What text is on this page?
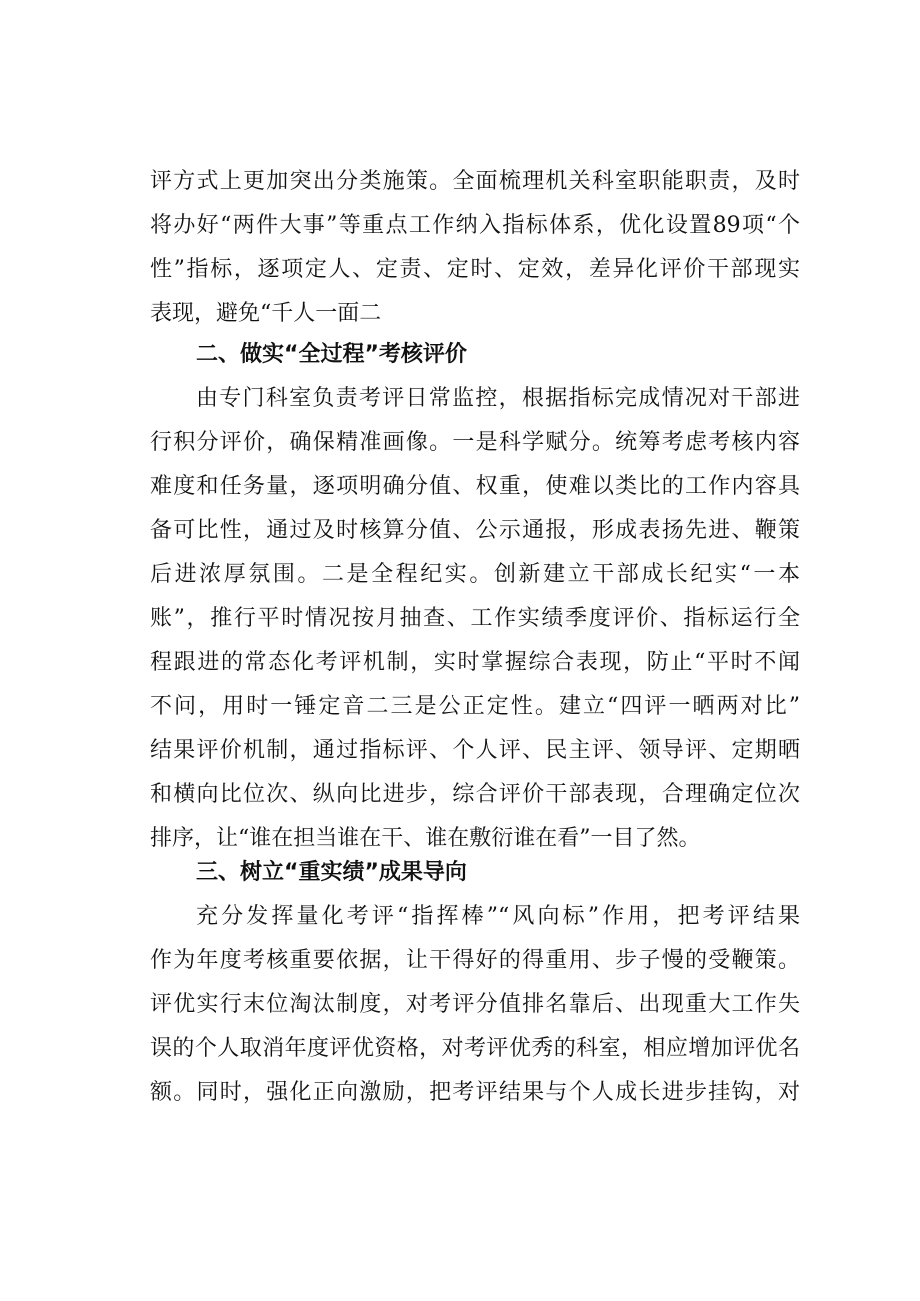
评方式上更加突出分类施策。全面梳理机关科室职能职责，及时
将办好“两件大事”等重点工作纳入指标体系，优化设置89项“个
性”指标，逐项定人、定责、定时、定效，差异化评价干部现实
表现，避免“千人一面二
二、做实“全过程”考核评价
由专门科室负责考评日常监控，根据指标完成情况对干部进
行积分评价，确保精准画像。一是科学赋分。统筹考虑考核内容
难度和任务量，逐项明确分值、权重，使难以类比的工作内容具
备可比性，通过及时核算分值、公示通报，形成表扬先进、鞭策
后进浓厚氛围。二是全程纪实。创新建立干部成长纪实“一本
账”，推行平时情况按月抽查、工作实绩季度评价、指标运行全
程跟进的常态化考评机制，实时掌握综合表现，防止“平时不闻
不问，用时一锤定音二三是公正定性。建立“四评一晒两对比”
结果评价机制，通过指标评、个人评、民主评、领导评、定期晒
和横向比位次、纵向比进步，综合评价干部表现，合理确定位次
排序，让“谁在担当谁在干、谁在敷衍谁在看”一目了然。
三、树立“重实绩”成果导向
充分发挥量化考评“指挥棒”“风向标”作用，把考评结果
作为年度考核重要依据，让干得好的得重用、步子慢的受鞭策。
评优实行末位淘汰制度，对考评分值排名靠后、出现重大工作失
误的个人取消年度评优资格，对考评优秀的科室，相应增加评优名
额。同时，强化正向激励，把考评结果与个人成长进步挂钩，对
